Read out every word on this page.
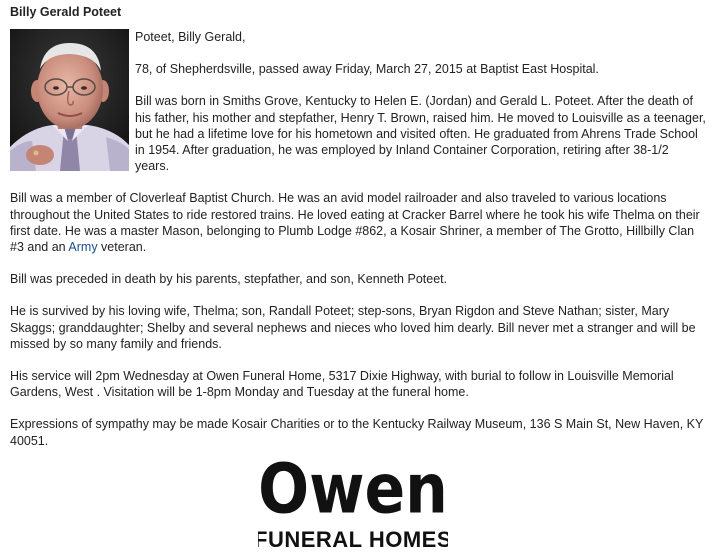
Billy Gerald Poteet

Poteet, Billy Gerald,

78, of Shepherdsville, passed away Friday, March 27, 2015 at Baptist East Hospital.

Bill was born in Smiths Grove, Kentucky to Helen E. (Jordan) and Gerald L. Poteet. After the death of his father, his mother and stepfather, Henry T. Brown, raised him. He moved to Louisville as a teenager, but he had a lifetime love for his hometown and visited often. He graduated from Ahrens Trade School in 1954. After graduation, he was employed by Inland Container Corporation, retiring after 38-1/2 years.

Bill was a member of Cloverleaf Baptist Church. He was an avid model railroader and also traveled to various locations throughout the United States to ride restored trains. He loved eating at Cracker Barrel where he took his wife Thelma on their first date. He was a master Mason, belonging to Plumb Lodge #862, a Kosair Shriner, a member of The Grotto, Hillbilly Clan #3 and an Army veteran.

Bill was preceded in death by his parents, stepfather, and son, Kenneth Poteet.

He is survived by his loving wife, Thelma; son, Randall Poteet; step-sons, Bryan Rigdon and Steve Nathan; sister, Mary Skaggs; granddaughter; Shelby and several nephews and nieces who loved him dearly. Bill never met a stranger and will be missed by so many family and friends.

His service will 2pm Wednesday at Owen Funeral Home, 5317 Dixie Highway, with burial to follow in Louisville Memorial Gardens, West . Visitation will be 1-8pm Monday and Tuesday at the funeral home.

Expressions of sympathy may be made Kosair Charities or to the Kentucky Railway Museum, 136 S Main St, New Haven, KY 40051.

Owen
FUNERAL HOMES
